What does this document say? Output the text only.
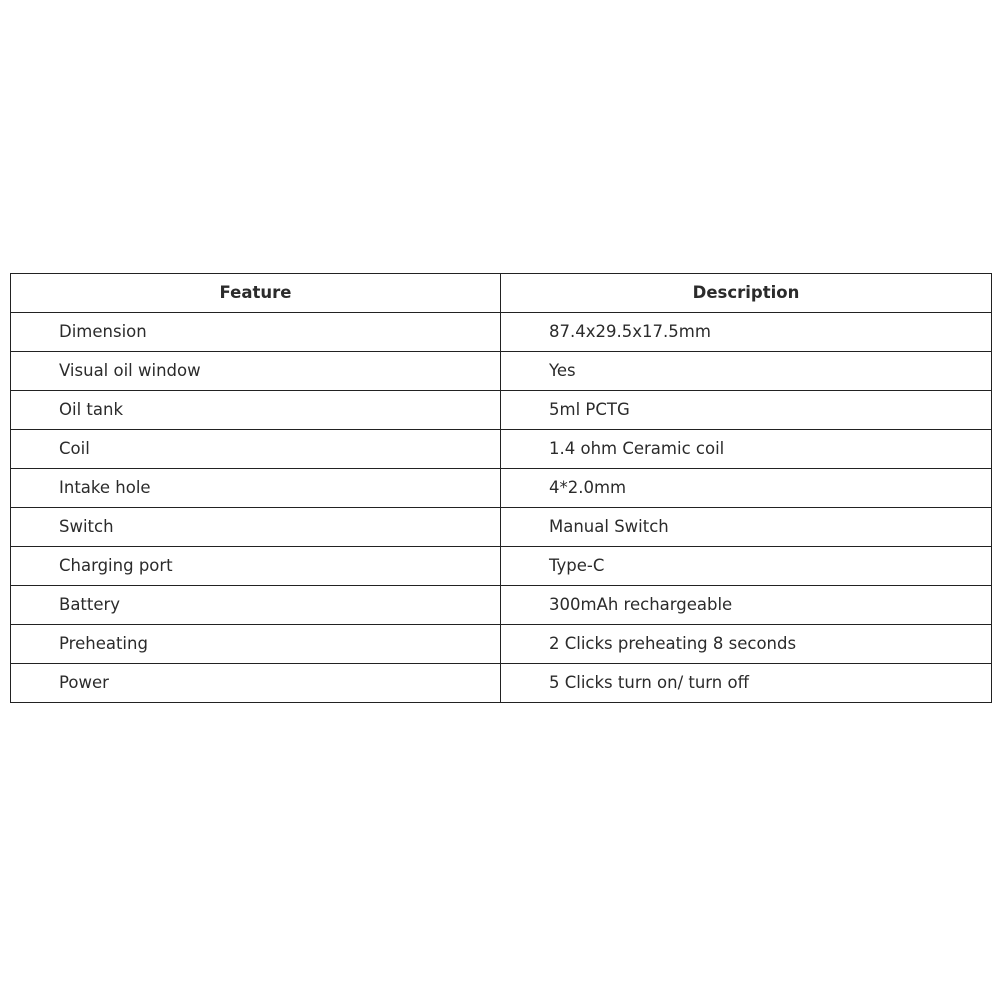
Feature	Description
Dimension	87.4x29.5x17.5mm
Visual oil window	Yes
Oil tank	5ml PCTG
Coil	1.4 ohm Ceramic coil
Intake hole	4*2.0mm
Switch	Manual Switch
Charging port	Type-C
Battery	300mAh rechargeable
Preheating	2 Clicks preheating 8 seconds
Power	5 Clicks turn on/ turn off
